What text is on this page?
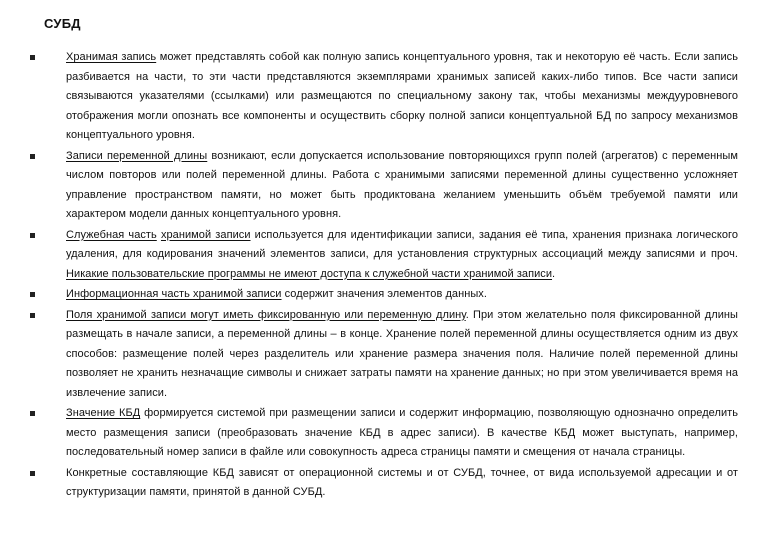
СУБД
Хранимая запись может представлять собой как полную запись концептуального уровня, так и некоторую её часть. Если запись разбивается на части, то эти части представляются экземплярами хранимых записей каких-либо типов. Все части записи связываются указателями (ссылками) или размещаются по специальному закону так, чтобы механизмы междууровневого отображения могли опознать все компоненты и осуществить сборку полной записи концептуальной БД по запросу механизмов концептуального уровня.
Записи переменной длины возникают, если допускается использование повторяющихся групп полей (агрегатов) с переменным числом повторов или полей переменной длины. Работа с хранимыми записями переменной длины существенно усложняет управление пространством памяти, но может быть продиктована желанием уменьшить объём требуемой памяти или характером модели данных концептуального уровня.
Служебная часть хранимой записи используется для идентификации записи, задания её типа, хранения признака логического удаления, для кодирования значений элементов записи, для установления структурных ассоциаций между записями и проч. Никакие пользовательские программы не имеют доступа к служебной части хранимой записи.
Информационная часть хранимой записи содержит значения элементов данных.
Поля хранимой записи могут иметь фиксированную или переменную длину. При этом желательно поля фиксированной длины размещать в начале записи, а переменной длины – в конце. Хранение полей переменной длины осуществляется одним из двух способов: размещение полей через разделитель или хранение размера значения поля. Наличие полей переменной длины позволяет не хранить незначащие символы и снижает затраты памяти на хранение данных; но при этом увеличивается время на извлечение записи.
Значение КБД формируется системой при размещении записи и содержит информацию, позволяющую однозначно определить место размещения записи (преобразовать значение КБД в адрес записи). В качестве КБД может выступать, например, последовательный номер записи в файле или совокупность адреса страницы памяти и смещения от начала страницы.
Конкретные составляющие КБД зависят от операционной системы и от СУБД, точнее, от вида используемой адресации и от структуризации памяти, принятой в данной СУБД.
